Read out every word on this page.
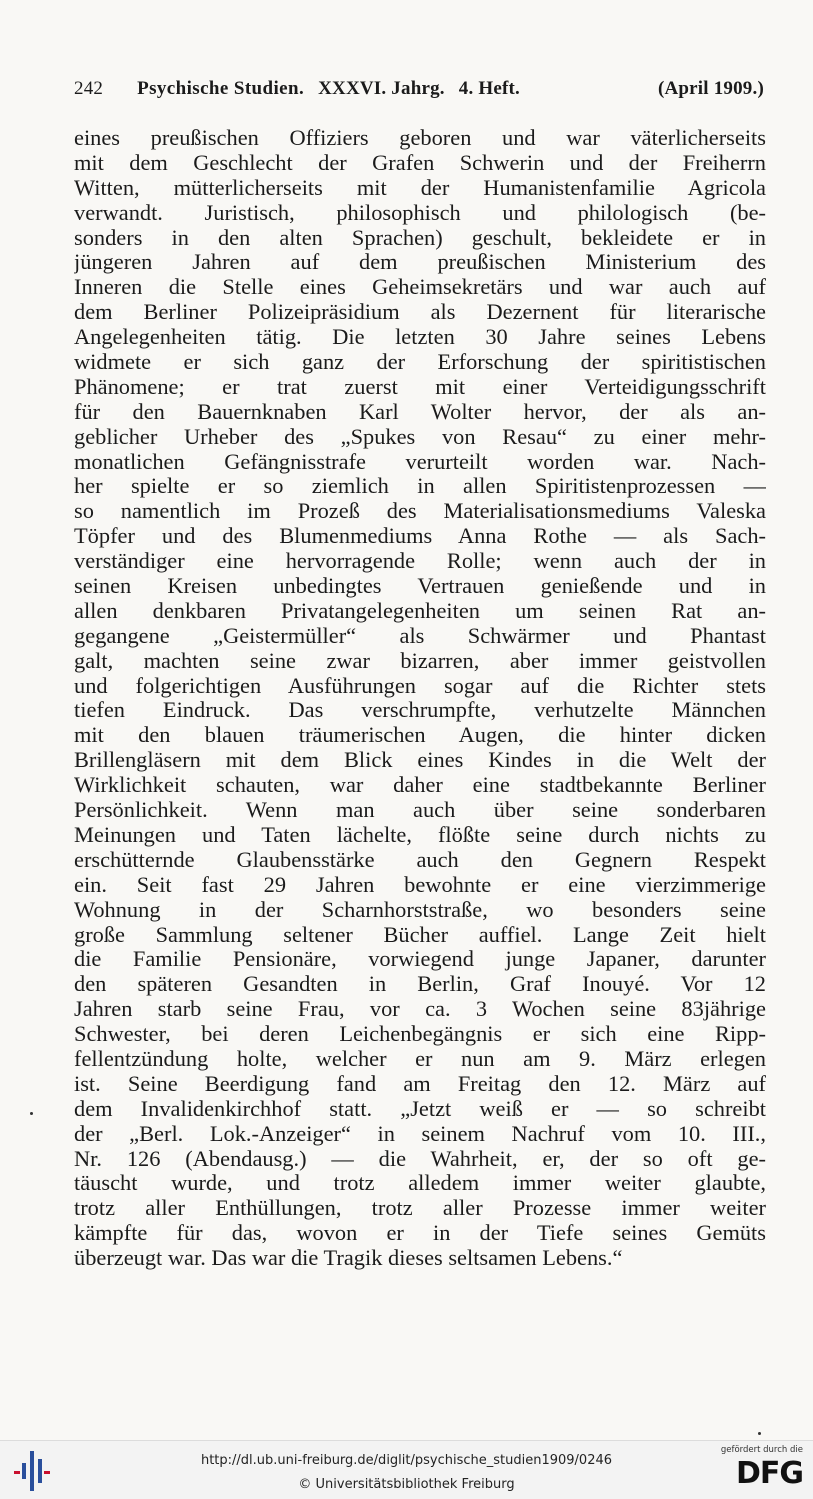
242 Psychische Studien. XXXVI. Jahrg. 4. Heft.	(April 1909.)
eines preußischen Offiziers geboren und war väterlicherseits
mit dem Geschlecht der Grafen Schwerin und der Freiherrn
Witten, mütterlicherseits mit der Humanistenfamilie Agricola
verwandt. Juristisch, philosophisch und philologisch (be-
sonders in den alten Sprachen) geschult, bekleidete er in
jüngeren Jahren auf dem preußischen Ministerium des
Inneren die Stelle eines Geheimsekretärs und war auch auf
dem Berliner Polizeipräsidium als Dezernent für literarische
Angelegenheiten tätig. Die letzten 30 Jahre seines Lebens
widmete er sich ganz der Erforschung der spiritistischen
Phänomene; er trat zuerst mit einer Verteidigungsschrift
für den Bauernknaben Karl Wolter hervor, der als an-
geblicher Urheber des „Spukes von Resau“ zu einer mehr-
monatlichen Gefängnisstrafe verurteilt worden war. Nach-
her spielte er so ziemlich in allen Spiritistenprozessen —
so namentlich im Prozeß des Materialisationsmediums Valeska
Töpfer und des Blumenmediums Anna Rothe — als Sach-
verständiger eine hervorragende Rolle; wenn auch der in
seinen Kreisen unbedingtes Vertrauen genießende und in
allen denkbaren Privatangelegenheiten um seinen Rat an-
gegangene „Geistermüller“ als Schwärmer und Phantast
galt, machten seine zwar bizarren, aber immer geistvollen
und folgerichtigen Ausführungen sogar auf die Richter stets
tiefen Eindruck. Das verschrumpfte, verhutzelte Männchen
mit den blauen träumerischen Augen, die hinter dicken
Brillengläsern mit dem Blick eines Kindes in die Welt der
Wirklichkeit schauten, war daher eine stadtbekannte Berliner
Persönlichkeit. Wenn man auch über seine sonderbaren
Meinungen und Taten lächelte, flößte seine durch nichts zu
erschütternde Glaubensstärke auch den Gegnern Respekt
ein. Seit fast 29 Jahren bewohnte er eine vierzimmerige
Wohnung in der Scharnhorststraße, wo besonders seine
große Sammlung seltener Bücher auffiel. Lange Zeit hielt
die Familie Pensionäre, vorwiegend junge Japaner, darunter
den späteren Gesandten in Berlin, Graf Inouyé. Vor 12
Jahren starb seine Frau, vor ca. 3 Wochen seine 83jährige
Schwester, bei deren Leichenbegängnis er sich eine Ripp-
fellentzündung holte, welcher er nun am 9. März erlegen
ist. Seine Beerdigung fand am Freitag den 12. März auf
dem Invalidenkirchhof statt. „Jetzt weiß er — so schreibt
der „Berl. Lok.-Anzeiger“ in seinem Nachruf vom 10. III.,
Nr. 126 (Abendausg.) — die Wahrheit, er, der so oft ge-
täuscht wurde, und trotz alledem immer weiter glaubte,
trotz aller Enthüllungen, trotz aller Prozesse immer weiter
kämpfte für das, wovon er in der Tiefe seines Gemüts
überzeugt war. Das war die Tragik dieses seltsamen Lebens.“
http://dl.ub.uni-freiburg.de/diglit/psychische_studien1909/0246
© Universitätsbibliothek Freiburg
gefördert durch die
DFG
